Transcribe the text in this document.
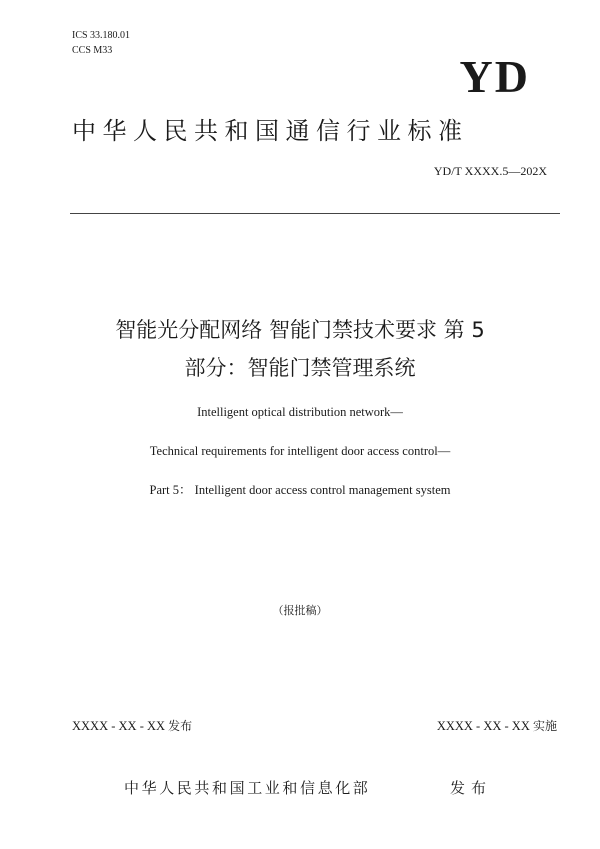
ICS 33.180.01
CCS M33
YD
中华人民共和国通信行业标准
YD/T XXXX.5—202X
智能光分配网络 智能门禁技术要求 第 5
部分：智能门禁管理系统
Intelligent optical distribution network—
Technical requirements for intelligent door access control—
Part 5： Intelligent door access control management system
（报批稿）
XXXX - XX - XX 发布	XXXX - XX - XX 实施
中华人民共和国工业和信息化部	发布
